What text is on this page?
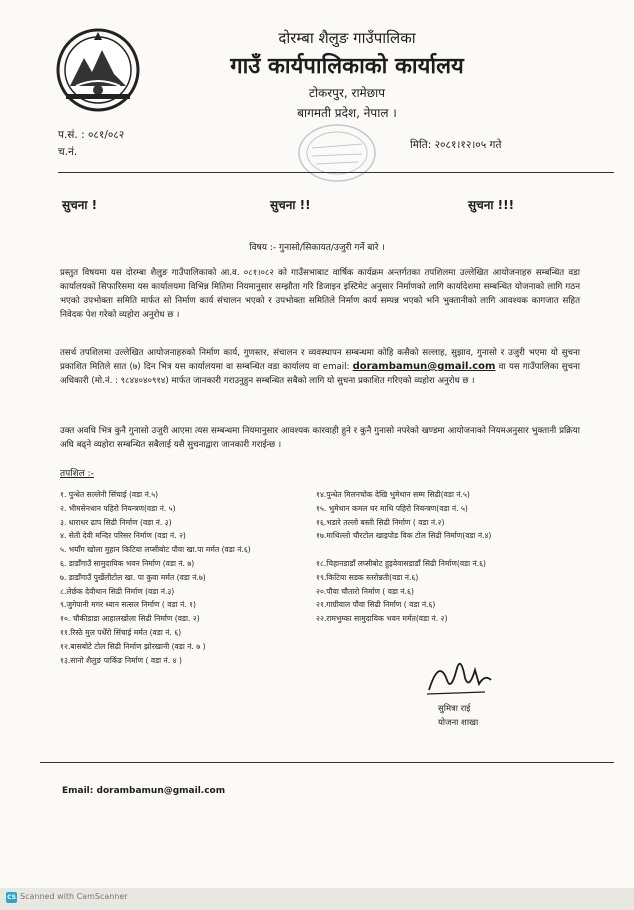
दोरम्बा शैलुङ गाउँपालिका
गाउँ कार्यपालिकाको कार्यालय
टोकरपुर, रामेछाप
बागमती प्रदेश, नेपाल ।
प.सं. : ०८१/०८२
च.नं.
मिति: २०८१।१२।०५ गते
सुचना !	सुचना !!	सुचना !!!
विषय :- गुनासो/सिकायत/उजुरी गर्ने बारे ।
प्रस्तुत विषयमा यस दोरम्बा शैलुङ गाउँपालिकाको आ.व. ०८१।०८२ को गाउँसभाबाट वार्षिक कार्यक्रम अन्तर्गतका तपशिलमा उल्लेखित आयोजनाहरु सम्बन्धित वडा कार्यालयको सिफारिसमा यस कार्यालयमा विभिन्न मितिमा नियमानुसार सम्झौता गरि डिजाइन इस्टिमेट अनुसार निर्माणको लागि कार्यादेशमा सम्बन्धित योजनाको लागि गठन भएको उपभोक्ता समिति मार्फत सो निर्माण कार्य संचालन भएको र उपभोक्ता समितिले निर्माण कार्य सम्पन्न भएको भनि भुक्तानीको लागि आवश्यक कागजात सहित निवेदक पेश गरेको व्यहोरा अनुरोध छ ।
तसर्थ तपशिलमा उल्लेखित आयोजनाहरुको निर्माण कार्य, गुणस्तर, संचालन र व्यवस्थापन सम्बन्धमा कोहि कसैको सल्लाह, सुझाव, गुनासो र उजुरी भएमा यो सुचना प्रकाशित मितिले सात (७) दिन भित्र यस कार्यालयमा वा सम्बन्धित वडा कार्यालय वा email: dorambamun@gmail.com वा यस गाउँपालिका सुचना अधिकारी (मो.नं. : ९८४४०४०९१४) मार्फत जानकारी गराउनुहुन सम्बन्धित सबैको लागि यो सुचना प्रकाशित गरिएको व्यहोरा अनुरोध छ ।
उक्त अवधि भित्र कुनै गुनासो उजुरी आएमा त्यस सम्बन्धमा नियमानुसार आवश्यक कारवाही हुने र कुनै गुनासो नपरेको खण्डमा आयोजनाको नियमअनुसार भुक्तानी प्रक्रिया अघि बढ्ने व्यहोरा सम्बन्धित सबैलाई यसै सुचनाद्वारा जानकारी गराईन्छ ।
तपशिल :-
१. पुन्धेत सल्लेनी सिंचाई (वडा नं.५)
२. भीमसेनथान पहिरो नियन्त्रण(वडा नं. ५)
३. धाराधर ढाप सिढी निर्माण (वडा नं. ३)
४. सेती देवी मन्दिर परिसर निर्माण (वडा नं. २)
५. भयाँग खोला मुहान किटिया लप्सीबोट पौवा खा.पा मर्मत (वडा नं.६)
६. डाडाँगाउँ सामुदायिक भवन निर्माण (वडा नं. ७)
७. डाडाँगाउँ पुर्खेलीटोल खा. पा कुवा मर्मत (वडा नं.७)
८.लेर्छक देवीथान सिढी निर्माण (वडा नं.३)
९.जुगेपानी मगर ध्यान सत्सल निर्माण ( वडा नं. १)
१०. चौकीडाडा आहालखोला सिढी निर्माण (वडा. २)
११.रिस्ठे मुल पधेँरो सिंचाई मर्मत (वडा नं. ६)
१२.बासबोटे टोल सिढी निर्माण झोरखानी (वडा नं. ७ )
१३.सानो शैलुङ पार्किङ निर्माण ( वडा नं. ४ )
१४.पुन्धेत मिलनचोक देखि भुमेथान सम्म सिढी(वडा नं.५)
१५. भुमेथान कमल घर माथि पहिरो नियन्त्रण(वडा नं. ५)
१६.भडारे तल्लो बस्ती सिढी निर्माण ( वडा नं.२)
१७.माथिल्लो चौरटोल खाइपोड विक टोल सिढी निर्माण(वडा नं.४)
१८.चिहानडाडाँ लप्सीबोट हुइयेवासडाडाँ सिढी निर्माण(वडा नं.६)
१९.किटिया सडक स्तरोन्नती(वडा नं.६)
२०.पौवा चौतारो निर्माण ( वडा नं.६)
२१.गाग्रीवाल पौवा सिढी निर्माण ( वडा नं.६)
२२.रामभुम्का सामुदायिक भवन मर्मत(वडा नं. २)
सुमित्रा राई
योजना शाखा
Email: dorambamun@gmail.com
CS Scanned with CamScanner
